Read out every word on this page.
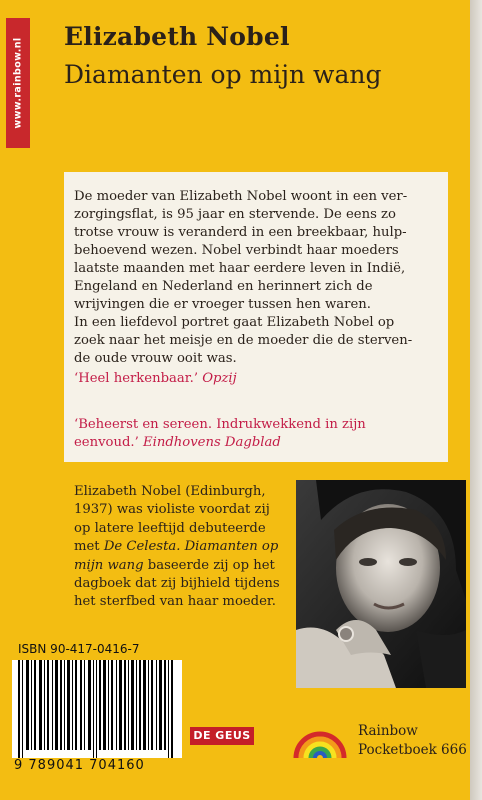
www.rainbow.nl
Elizabeth Nobel
Diamanten op mijn wang
De moeder van Elizabeth Nobel woont in een ver-
zorgingsflat, is 95 jaar en stervende. De eens zo
trotse vrouw is veranderd in een breekbaar, hulp-
behoevend wezen. Nobel verbindt haar moeders
laatste maanden met haar eerdere leven in Indië,
Engeland en Nederland en herinnert zich de
wrijvingen die er vroeger tussen hen waren.
In een liefdevol portret gaat Elizabeth Nobel op
zoek naar het meisje en de moeder die de sterven-
de oude vrouw ooit was.

‘Heel herkenbaar.’ Opzij

‘Beheerst en sereen. Indrukwekkend in zijn
eenvoud.’ Eindhovens Dagblad

Elizabeth Nobel (Edinburgh,
1937) was violiste voordat zij
op latere leeftijd debuteerde
met De Celesta. Diamanten op
mijn wang baseerde zij op het
dagboek dat zij bijhield tijdens
het sterfbed van haar moeder.
ISBN 90-417-0416-7
9 789041 704160
DE GEUS	Rainbow
Pocketboek 666
